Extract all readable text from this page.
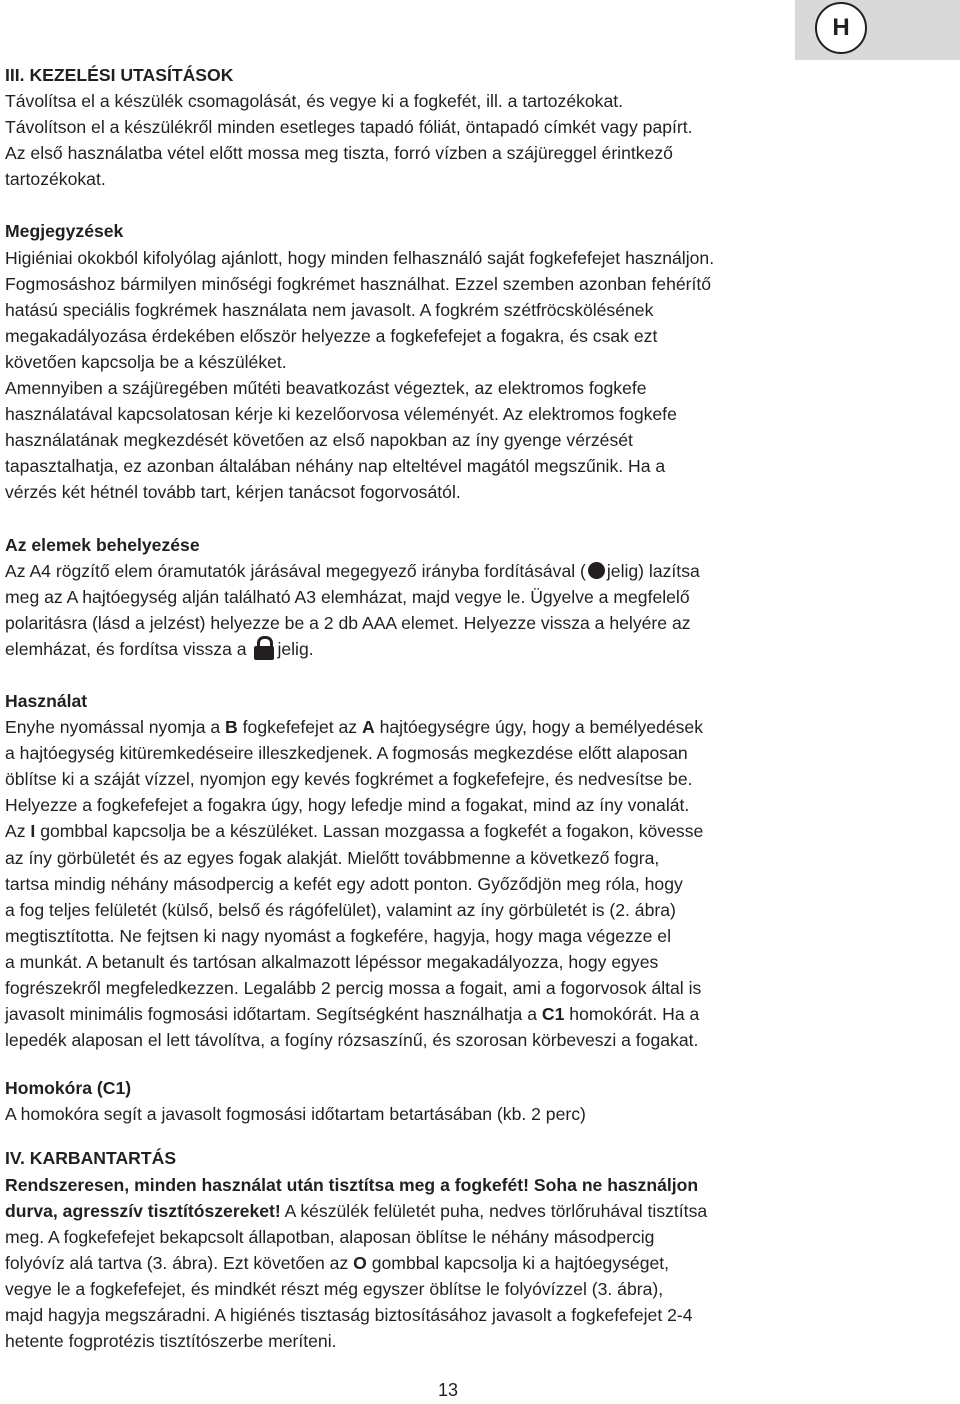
H

III. KEZELÉSI UTASÍTÁSOK

Távolítsa el a készülék csomagolását, és vegye ki a fogkefét, ill. a tartozékokat.

Távolítson el a készülékről minden esetleges tapadó fóliát, öntapadó címkét vagy papírt.

Az első használatba vétel előtt mossa meg tiszta, forró vízben a szájüreggel érintkező

tartozékokat.

Megjegyzések

Higiéniai okokból kifolyólag ajánlott, hogy minden felhasználó saját fogkefefejet használjon.

Fogmosáshoz bármilyen minőségi fogkrémet használhat. Ezzel szemben azonban fehérítő

hatású speciális fogkrémek használata nem javasolt. A fogkrém szétfröcskölésének

megakadályozása érdekében először helyezze a fogkefefejet a fogakra, és csak ezt

követően kapcsolja be a készüléket.

Amennyiben a szájüregében műtéti beavatkozást végeztek, az elektromos fogkefe

használatával kapcsolatosan kérje ki kezelőorvosa véleményét. Az elektromos fogkefe

használatának megkezdését követően az első napokban az íny gyenge vérzését

tapasztalhatja, ez azonban általában néhány nap elteltével magától megszűnik. Ha a

vérzés két hétnél tovább tart, kérjen tanácsot fogorvosától.

Az elemek behelyezése

Az A4 rögzítő elem óramutatók járásával megegyező irányba fordításával ( jelig) lazítsa

meg az A hajtóegység alján található A3 elemházat, majd vegye le. Ügyelve a megfelelő

polaritásra (lásd a jelzést) helyezze be a 2 db AAA elemet. Helyezze vissza a helyére az

elemházat, és fordítsa vissza a
jelig.

Használat

Enyhe nyomással nyomja a B fogkefefejet az A hajtóegységre úgy, hogy a bemélyedések

a hajtóegység kitüremkedéseire illeszkedjenek. A fogmosás megkezdése előtt alaposan

öblítse ki a száját vízzel, nyomjon egy kevés fogkrémet a fogkefefejre, és nedvesítse be.

Helyezze a fogkefefejet a fogakra úgy, hogy lefedje mind a fogakat, mind az íny vonalát.

Az I gombbal kapcsolja be a készüléket. Lassan mozgassa a fogkefét a fogakon, kövesse

az íny görbületét és az egyes fogak alakját. Mielőtt továbbmenne a következő fogra,

tartsa mindig néhány másodpercig a kefét egy adott ponton. Győződjön meg róla, hogy

a fog teljes felületét (külső, belső és rágófelület), valamint az íny görbületét is (2. ábra)

megtisztította. Ne fejtsen ki nagy nyomást a fogkefére, hagyja, hogy maga végezze el

a munkát. A betanult és tartósan alkalmazott lépéssor megakadályozza, hogy egyes

fogrészekről megfeledkezzen. Legalább 2 percig mossa a fogait, ami a fogorvosok által is

javasolt minimális fogmosási időtartam. Segítségként használhatja a C1 homokórát. Ha a

lepedék alaposan el lett távolítva, a fogíny rózsaszínű, és szorosan körbeveszi a fogakat.

Homokóra (C1)

A homokóra segít a javasolt fogmosási időtartam betartásában (kb. 2 perc)

IV. KARBANTARTÁS

Rendszeresen, minden használat után tisztítsa meg a fogkefét! Soha ne használjon

durva, agresszív tisztítószereket! A készülék felületét puha, nedves törlőruhával tisztítsa

meg. A fogkefefejet bekapcsolt állapotban, alaposan öblítse le néhány másodpercig

folyóvíz alá tartva (3. ábra). Ezt követően az O gombbal kapcsolja ki a hajtóegységet,

vegye le a fogkefefejet, és mindkét részt még egyszer öblítse le folyóvízzel (3. ábra),

majd hagyja megszáradni. A higiénés tisztaság biztosításához javasolt a fogkefefejet 2-4

hetente fogprotézis tisztítószerbe meríteni.

13
